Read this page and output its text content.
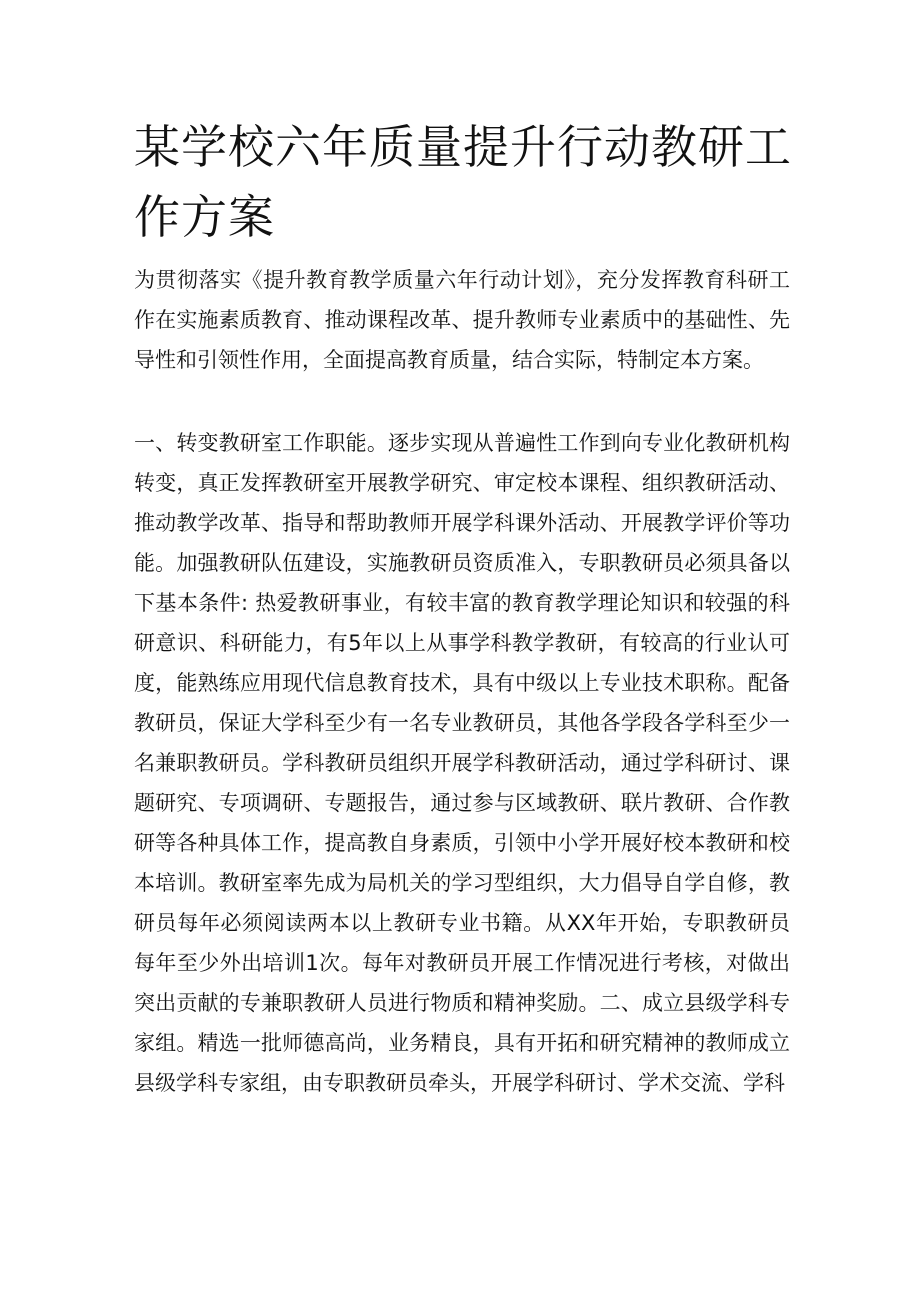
某学校六年质量提升行动教研工作方案

为贯彻落实《提升教育教学质量六年行动计划》，充分发挥教育科研工作在实施素质教育、推动课程改革、提升教师专业素质中的基础性、先导性和引领性作用，全面提高教育质量，结合实际，特制定本方案。

一、转变教研室工作职能。逐步实现从普遍性工作到向专业化教研机构转变，真正发挥教研室开展教学研究、审定校本课程、组织教研活动、推动教学改革、指导和帮助教师开展学科课外活动、开展教学评价等功能。加强教研队伍建设，实施教研员资质准入，专职教研员必须具备以下基本条件: 热爱教研事业，有较丰富的教育教学理论知识和较强的科研意识、科研能力，有5年以上从事学科教学教研，有较高的行业认可度，能熟练应用现代信息教育技术，具有中级以上专业技术职称。配备教研员，保证大学科至少有一名专业教研员，其他各学段各学科至少一名兼职教研员。学科教研员组织开展学科教研活动，通过学科研讨、课题研究、专项调研、专题报告，通过参与区域教研、联片教研、合作教研等各种具体工作，提高教自身素质，引领中小学开展好校本教研和校本培训。教研室率先成为局机关的学习型组织，大力倡导自学自修，教研员每年必须阅读两本以上教研专业书籍。从XX年开始，专职教研员每年至少外出培训1次。每年对教研员开展工作情况进行考核，对做出突出贡献的专兼职教研人员进行物质和精神奖励。二、成立县级学科专家组。精选一批师德高尚，业务精良，具有开拓和研究精神的教师成立县级学科专家组，由专职教研员牵头，开展学科研讨、学术交流、学科
